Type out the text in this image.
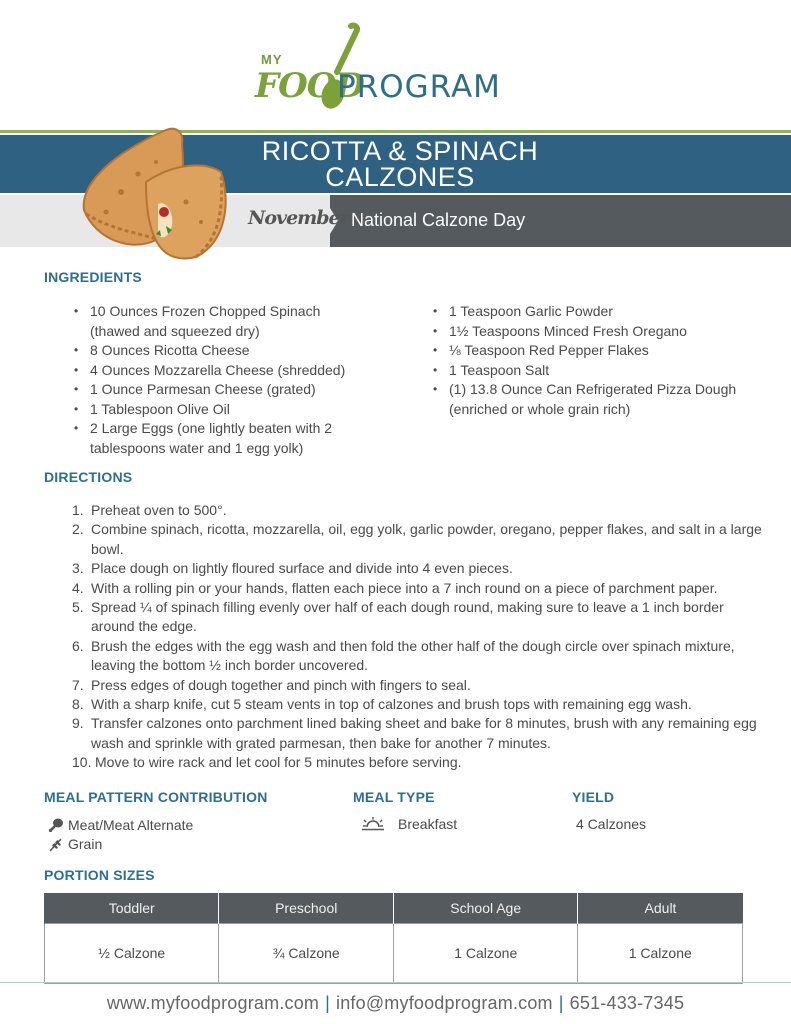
MY
FOOD
PROGRAM
RICOTTA & SPINACH
CALZONES
November 1
National Calzone Day
INGREDIENTS
• 10 Ounces Frozen Chopped Spinach (thawed and squeezed dry)
• 8 Ounces Ricotta Cheese
• 4 Ounces Mozzarella Cheese (shredded)
• 1 Ounce Parmesan Cheese (grated)
• 1 Tablespoon Olive Oil
• 2 Large Eggs (one lightly beaten with 2 tablespoons water and 1 egg yolk)
• 1 Teaspoon Garlic Powder
• 1½ Teaspoons Minced Fresh Oregano
• ⅛ Teaspoon Red Pepper Flakes
• 1 Teaspoon Salt
• (1) 13.8 Ounce Can Refrigerated Pizza Dough (enriched or whole grain rich)
DIRECTIONS
1. Preheat oven to 500°.
2. Combine spinach, ricotta, mozzarella, oil, egg yolk, garlic powder, oregano, pepper flakes, and salt in a large bowl.
3. Place dough on lightly floured surface and divide into 4 even pieces.
4. With a rolling pin or your hands, flatten each piece into a 7 inch round on a piece of parchment paper.
5. Spread ¼ of spinach filling evenly over half of each dough round, making sure to leave a 1 inch border around the edge.
6. Brush the edges with the egg wash and then fold the other half of the dough circle over spinach mixture, leaving the bottom ½ inch border uncovered.
7. Press edges of dough together and pinch with fingers to seal.
8. With a sharp knife, cut 5 steam vents in top of calzones and brush tops with remaining egg wash.
9. Transfer calzones onto parchment lined baking sheet and bake for 8 minutes, brush with any remaining egg wash and sprinkle with grated parmesan, then bake for another 7 minutes.
10. Move to wire rack and let cool for 5 minutes before serving.
MEAL PATTERN CONTRIBUTION
Meat/Meat Alternate
Grain
MEAL TYPE
Breakfast
YIELD
4 Calzones
PORTION SIZES
Toddler	Preschool	School Age	Adult
½ Calzone	¾ Calzone	1 Calzone	1 Calzone
www.myfoodprogram.com | info@myfoodprogram.com | 651-433-7345
